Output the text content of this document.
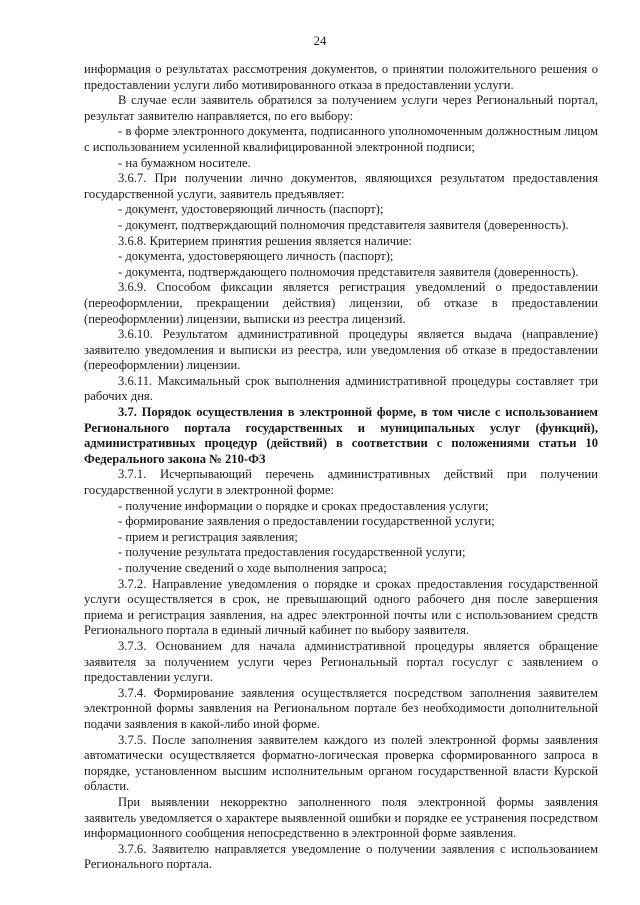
24

информация о результатах рассмотрения документов, о принятии положительного решения о предоставлении услуги либо мотивированного отказа в предоставлении услуги.

В случае если заявитель обратился за получением услуги через Региональный портал, результат заявителю направляется, по его выбору:

- в форме электронного документа, подписанного уполномоченным должностным лицом с использованием усиленной квалифицированной электронной подписи;

- на бумажном носителе.

3.6.7. При получении лично документов, являющихся результатом предоставления государственной услуги, заявитель предъявляет:

- документ, удостоверяющий личность (паспорт);

- документ, подтверждающий полномочия представителя заявителя (доверенность).

3.6.8. Критерием принятия решения является наличие:

- документа, удостоверяющего личность (паспорт);

- документа, подтверждающего полномочия представителя заявителя (доверенность).

3.6.9. Способом фиксации является регистрация уведомлений о предоставлении (переоформлении, прекращении действия) лицензии, об отказе в предоставлении (переоформлении) лицензии, выписки из реестра лицензий.

3.6.10. Результатом административной процедуры является выдача (направление) заявителю уведомления и выписки из реестра, или уведомления об отказе в предоставлении (переоформлении) лицензии.

3.6.11. Максимальный срок выполнения административной процедуры составляет три рабочих дня.

3.7. Порядок осуществления в электронной форме, в том числе с использованием Регионального портала государственных и муниципальных услуг (функций), административных процедур (действий) в соответствии с положениями статьи 10 Федерального закона № 210-ФЗ

3.7.1. Исчерпывающий перечень административных действий при получении государственной услуги в электронной форме:

- получение информации о порядке и сроках предоставления услуги;

- формирование заявления о предоставлении государственной услуги;

- прием и регистрация заявления;

- получение результата предоставления государственной услуги;

- получение сведений о ходе выполнения запроса;

3.7.2. Направление уведомления о порядке и сроках предоставления государственной услуги осуществляется в срок, не превышающий одного рабочего дня после завершения приема и регистрация заявления, на адрес электронной почты или с использованием средств Регионального портала в единый личный кабинет по выбору заявителя.

3.7.3. Основанием для начала административной процедуры является обращение заявителя за получением услуги через Региональный портал госуслуг с заявлением о предоставлении услуги.

3.7.4. Формирование заявления осуществляется посредством заполнения заявителем электронной формы заявления на Региональном портале без необходимости дополнительной подачи заявления в какой-либо иной форме.

3.7.5. После заполнения заявителем каждого из полей электронной формы заявления автоматически осуществляется форматно-логическая проверка сформированного запроса в порядке, установленном высшим исполнительным органом государственной власти Курской области.

При выявлении некорректно заполненного поля электронной формы заявления заявитель уведомляется о характере выявленной ошибки и порядке ее устранения посредством информационного сообщения непосредственно в электронной форме заявления.

3.7.6. Заявителю направляется уведомление о получении заявления с использованием Регионального портала.
